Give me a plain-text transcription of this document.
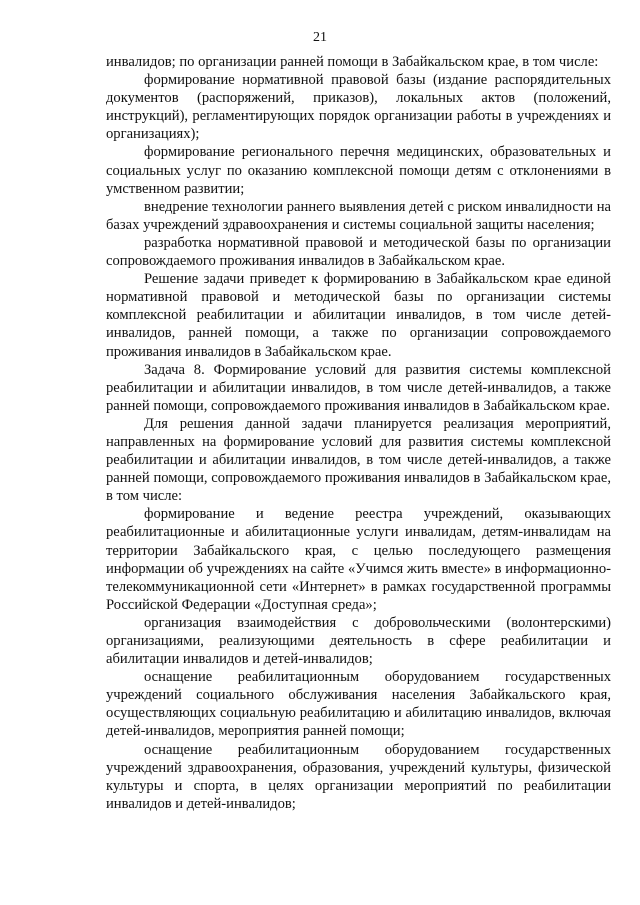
21

инвалидов; по организации ранней помощи в Забайкальском крае, в том числе:

формирование нормативной правовой базы (издание распорядительных документов (распоряжений, приказов), локальных актов (положений, инструкций), регламентирующих порядок организации работы в учреждениях и организациях);

формирование регионального перечня медицинских, образовательных и социальных услуг по оказанию комплексной помощи детям с отклонениями в умственном развитии;

внедрение технологии раннего выявления детей с риском инвалидности на базах учреждений здравоохранения и системы социальной защиты населения;

разработка нормативной правовой и методической базы по организации сопровождаемого проживания инвалидов в Забайкальском крае.

Решение задачи приведет к формированию в Забайкальском крае единой нормативной правовой и методической базы по организации системы комплексной реабилитации и абилитации инвалидов, в том числе детей-инвалидов, ранней помощи, а также по организации сопровождаемого проживания инвалидов в Забайкальском крае.

Задача 8. Формирование условий для развития системы комплексной реабилитации и абилитации инвалидов, в том числе детей-инвалидов, а также ранней помощи, сопровождаемого проживания инвалидов в Забайкальском крае.

Для решения данной задачи планируется реализация мероприятий, направленных на формирование условий для развития системы комплексной реабилитации и абилитации инвалидов, в том числе детей-инвалидов, а также ранней помощи, сопровождаемого проживания инвалидов в Забайкальском крае, в том числе:

формирование и ведение реестра учреждений, оказывающих реабилитационные и абилитационные услуги инвалидам, детям-инвалидам на территории Забайкальского края, с целью последующего размещения информации об учреждениях на сайте «Учимся жить вместе» в информационно-телекоммуникационной сети «Интернет» в рамках государственной программы Российской Федерации «Доступная среда»;

организация взаимодействия с добровольческими (волонтерскими) организациями, реализующими деятельность в сфере реабилитации и абилитации инвалидов и детей-инвалидов;

оснащение реабилитационным оборудованием государственных учреждений социального обслуживания населения Забайкальского края, осуществляющих социальную реабилитацию и абилитацию инвалидов, включая детей-инвалидов, мероприятия ранней помощи;

оснащение реабилитационным оборудованием государственных учреждений здравоохранения, образования, учреждений культуры, физической культуры и спорта, в целях организации мероприятий по реабилитации инвалидов и детей-инвалидов;
